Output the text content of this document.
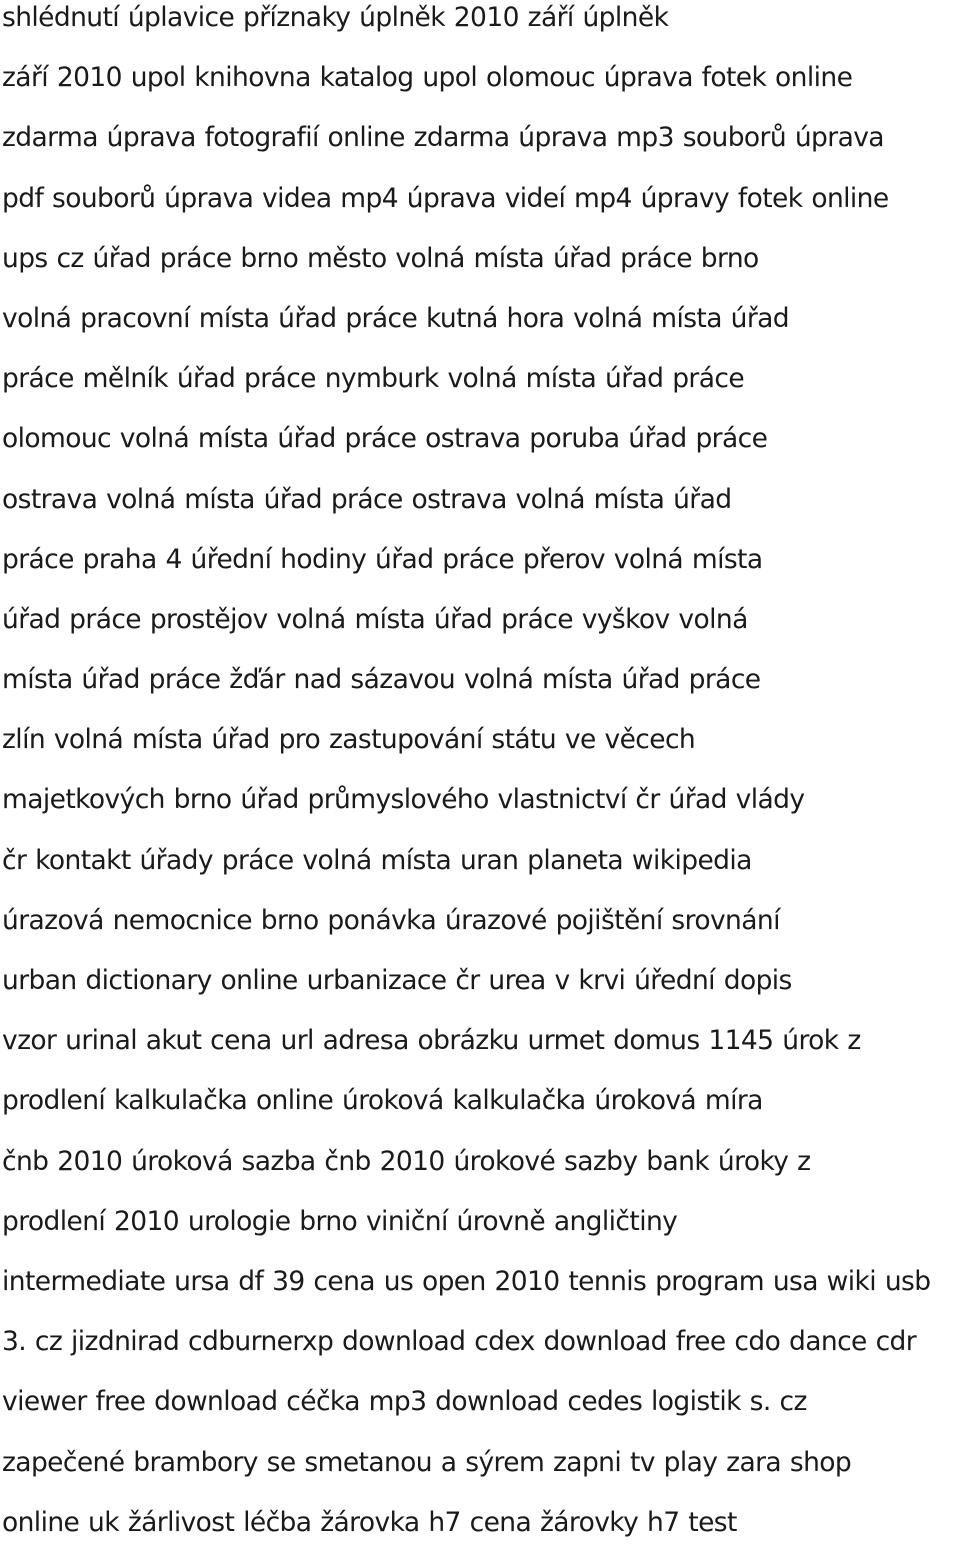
shlédnutí úplavice příznaky úplněk 2010 září úplněk
září 2010 upol knihovna katalog upol olomouc úprava fotek online
zdarma úprava fotografií online zdarma úprava mp3 souborů úprava
pdf souborů úprava videa mp4 úprava videí mp4 úpravy fotek online
ups cz úřad práce brno město volná místa úřad práce brno
volná pracovní místa úřad práce kutná hora volná místa úřad
práce mělník úřad práce nymburk volná místa úřad práce
olomouc volná místa úřad práce ostrava poruba úřad práce
ostrava volná místa úřad práce ostrava volná místa úřad
práce praha 4 úřední hodiny úřad práce přerov volná místa
úřad práce prostějov volná místa úřad práce vyškov volná
místa úřad práce žďár nad sázavou volná místa úřad práce
zlín volná místa úřad pro zastupování státu ve věcech
majetkových brno úřad průmyslového vlastnictví čr úřad vlády
čr kontakt úřady práce volná místa uran planeta wikipedia
úrazová nemocnice brno ponávka úrazové pojištění srovnání
urban dictionary online urbanizace čr urea v krvi úřední dopis
vzor urinal akut cena url adresa obrázku urmet domus 1145 úrok z
prodlení kalkulačka online úroková kalkulačka úroková míra
čnb 2010 úroková sazba čnb 2010 úrokové sazby bank úroky z
prodlení 2010 urologie brno viniční úrovně angličtiny
intermediate ursa df 39 cena us open 2010 tennis program usa wiki usb
3. cz jizdnirad cdburnerxp download cdex download free cdo dance cdr
viewer free download céčka mp3 download cedes logistik s. cz
zapečené brambory se smetanou a sýrem zapni tv play zara shop
online uk žárlivost léčba žárovka h7 cena žárovky h7 test
